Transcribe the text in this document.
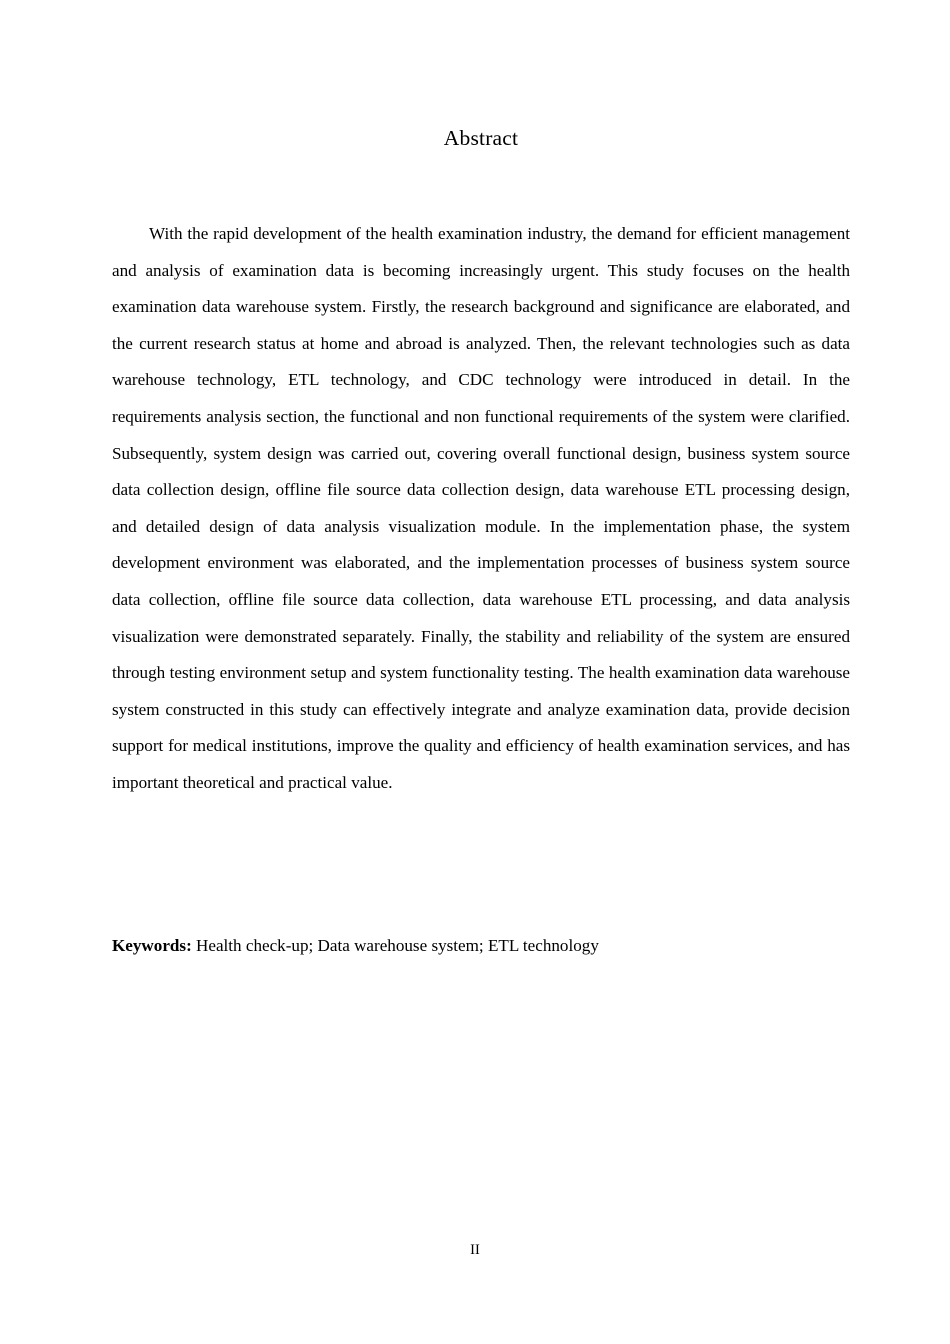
Abstract

With the rapid development of the health examination industry, the demand for efficient management and analysis of examination data is becoming increasingly urgent. This study focuses on the health examination data warehouse system. Firstly, the research background and significance are elaborated, and the current research status at home and abroad is analyzed. Then, the relevant technologies such as data warehouse technology, ETL technology, and CDC technology were introduced in detail. In the requirements analysis section, the functional and non functional requirements of the system were clarified. Subsequently, system design was carried out, covering overall functional design, business system source data collection design, offline file source data collection design, data warehouse ETL processing design, and detailed design of data analysis visualization module. In the implementation phase, the system development environment was elaborated, and the implementation processes of business system source data collection, offline file source data collection, data warehouse ETL processing, and data analysis visualization were demonstrated separately. Finally, the stability and reliability of the system are ensured through testing environment setup and system functionality testing. The health examination data warehouse system constructed in this study can effectively integrate and analyze examination data, provide decision support for medical institutions, improve the quality and efficiency of health examination services, and has important theoretical and practical value.

Keywords: Health check-up; Data warehouse system; ETL technology

II
